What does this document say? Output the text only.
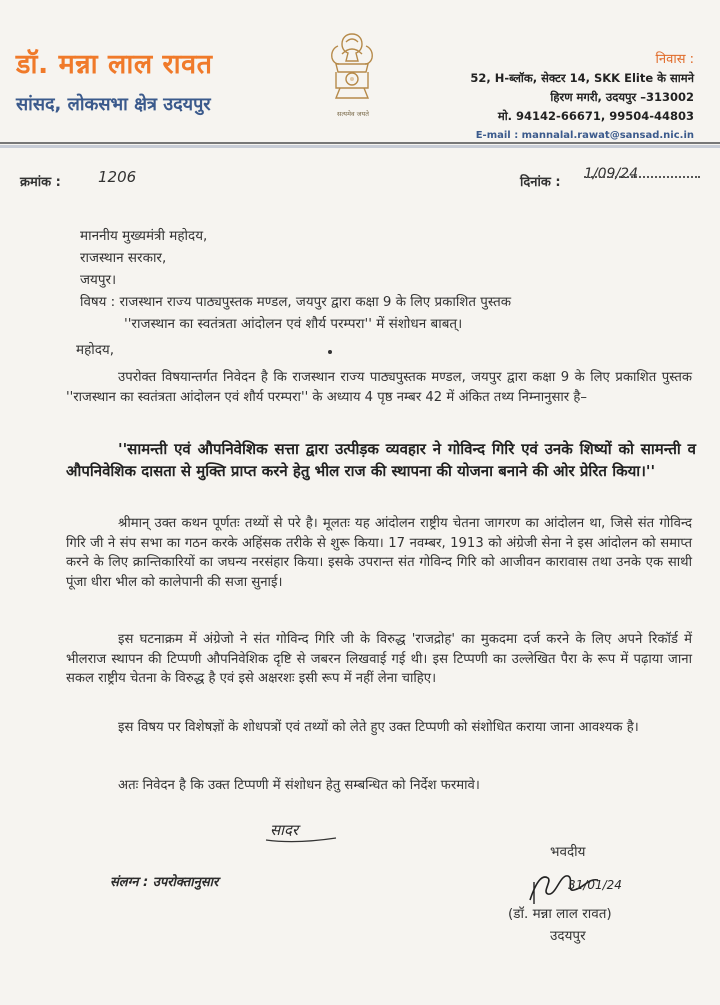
डॉ. मन्ना लाल रावत
सांसद, लोकसभा क्षेत्र उदयपुर	सत्यमेव जयते
निवास :
52, H-ब्लॉक, सेक्टर 14, SKK Elite के सामने
हिरण मगरी, उदयपुर –313002
मो. 94142-66671, 99504-44803
E-mail : mannalal.rawat@sansad.nic.in
क्रमांक : 1206	दिनांक :
1/09/24
माननीय मुख्यमंत्री महोदय,
राजस्थान सरकार,
जयपुर।
विषय : राजस्थान राज्य पाठ्यपुस्तक मण्डल, जयपुर द्वारा कक्षा 9 के लिए प्रकाशित पुस्तक
''राजस्थान का स्वतंत्रता आंदोलन एवं शौर्य परम्परा'' में संशोधन बाबत्।
महोदय,
उपरोक्त विषयान्तर्गत निवेदन है कि राजस्थान राज्य पाठ्यपुस्तक मण्डल, जयपुर द्वारा कक्षा 9 के लिए प्रकाशित पुस्तक ''राजस्थान का स्वतंत्रता आंदोलन एवं शौर्य परम्परा'' के अध्याय 4 पृष्ठ नम्बर 42 में अंकित तथ्य निम्नानुसार है–
''सामन्ती एवं औपनिवेशिक सत्ता द्वारा उत्पीड़क व्यवहार ने गोविन्द गिरि एवं उनके शिष्यों को सामन्ती व औपनिवेशिक दासता से मुक्ति प्राप्त करने हेतु भील राज की स्थापना की योजना बनाने की ओर प्रेरित किया।''
श्रीमान् उक्त कथन पूर्णतः तथ्यों से परे है। मूलतः यह आंदोलन राष्ट्रीय चेतना जागरण का आंदोलन था, जिसे संत गोविन्द गिरि जी ने संप सभा का गठन करके अहिंसक तरीके से शुरू किया। 17 नवम्बर, 1913 को अंग्रेजी सेना ने इस आंदोलन को समाप्त करने के लिए क्रान्तिकारियों का जघन्य नरसंहार किया। इसके उपरान्त संत गोविन्द गिरि को आजीवन कारावास तथा उनके एक साथी पूंजा धीरा भील को कालेपानी की सजा सुनाई।
इस घटनाक्रम में अंग्रेजो ने संत गोविन्द गिरि जी के विरुद्ध 'राजद्रोह' का मुकदमा दर्ज करने के लिए अपने रिकॉर्ड में भीलराज स्थापन की टिप्पणी औपनिवेशिक दृष्टि से जबरन लिखवाई गई थी। इस टिप्पणी का उल्लेखित पैरा के रूप में पढ़ाया जाना सकल राष्ट्रीय चेतना के विरुद्ध है एवं इसे अक्षरशः इसी रूप में नहीं लेना चाहिए।
इस विषय पर विशेषज्ञों के शोधपत्रों एवं तथ्यों को लेते हुए उक्त टिप्पणी को संशोधित कराया जाना आवश्यक है।
अतः निवेदन है कि उक्त टिप्पणी में संशोधन हेतु सम्बन्धित को निर्देश फरमावे।
सादर
संलग्न : उपरोक्तानुसार
भवदीय
31/01/24
(डॉ. मन्ना लाल रावत)
उदयपुर
